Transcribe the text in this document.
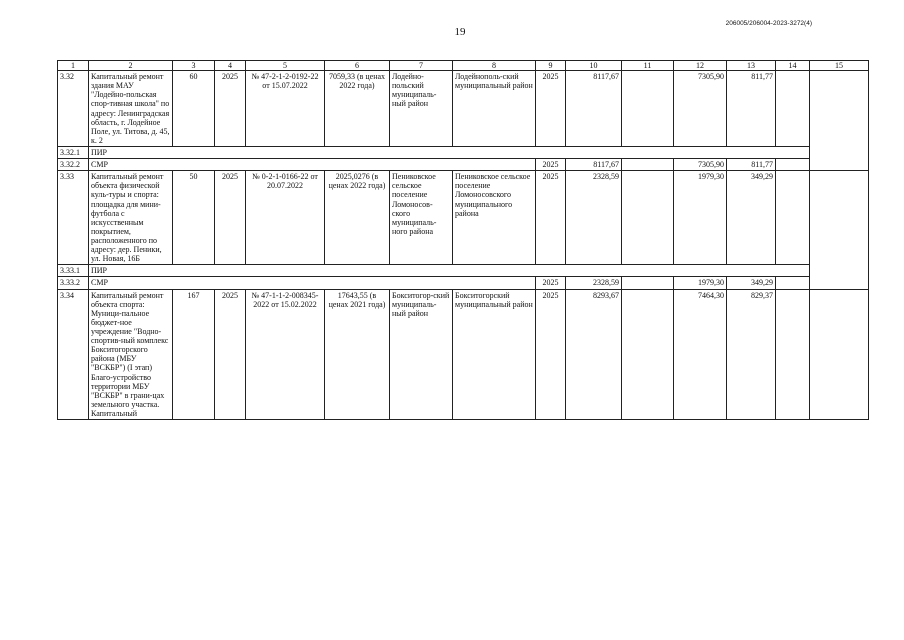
19
206005/206004-2023-3272(4)
1	2	3	4	5	6	7	8	9	10	11	12	13	14	15
3.32	Капитальный ремонт здания МАУ "Лодейно-польская спор-тивная школа" по адресу: Ленинградская область, г. Лодейное Поле, ул. Титова, д. 45, к. 2	60	2025	№ 47-2-1-2-0192-22 от 15.07.2022	7059,33 (в ценах 2022 года)	Лодейно-польский муниципаль-ный район	Лодейнополь-ский муниципальный район	2025	8117,67		7305,90	811,77		
3.32.1	ПИР													
3.32.2	СМР							2025	8117,67		7305,90	811,77		
3.33	Капитальный ремонт объекта физической куль-туры и спорта: площадка для мини-футбола с искусственным покрытием, расположенного по адресу: дер. Пеники, ул. Новая, 16Б	50	2025	№ 0-2-1-0166-22 от 20.07.2022	2025,0276 (в ценах 2022 года)	Пениковское сельское поселение Ломоносов-ского муниципаль-ного района	Пениковское сельское поселение Ломоносовского муниципального района	2025	2328,59		1979,30	349,29		
3.33.1	ПИР													
3.33.2	СМР							2025	2328,59		1979,30	349,29		
3.34	Капитальный ремонт объекта спорта: Муници-пальное бюджет-ное учреждение "Водно-спортив-ный комплекс Бокситогорского района (МБУ "ВСКБР") (I этап) Благо-устройство территории МБУ "ВСКБР" в грани-цах земельного участка. Капитальный	167	2025	№ 47-1-1-2-008345-2022 от 15.02.2022	17643,55 (в ценах 2021 года)	Бокситогор-ский муниципаль-ный район	Бокситогорский муниципальный район	2025	8293,67		7464,30	829,37		
